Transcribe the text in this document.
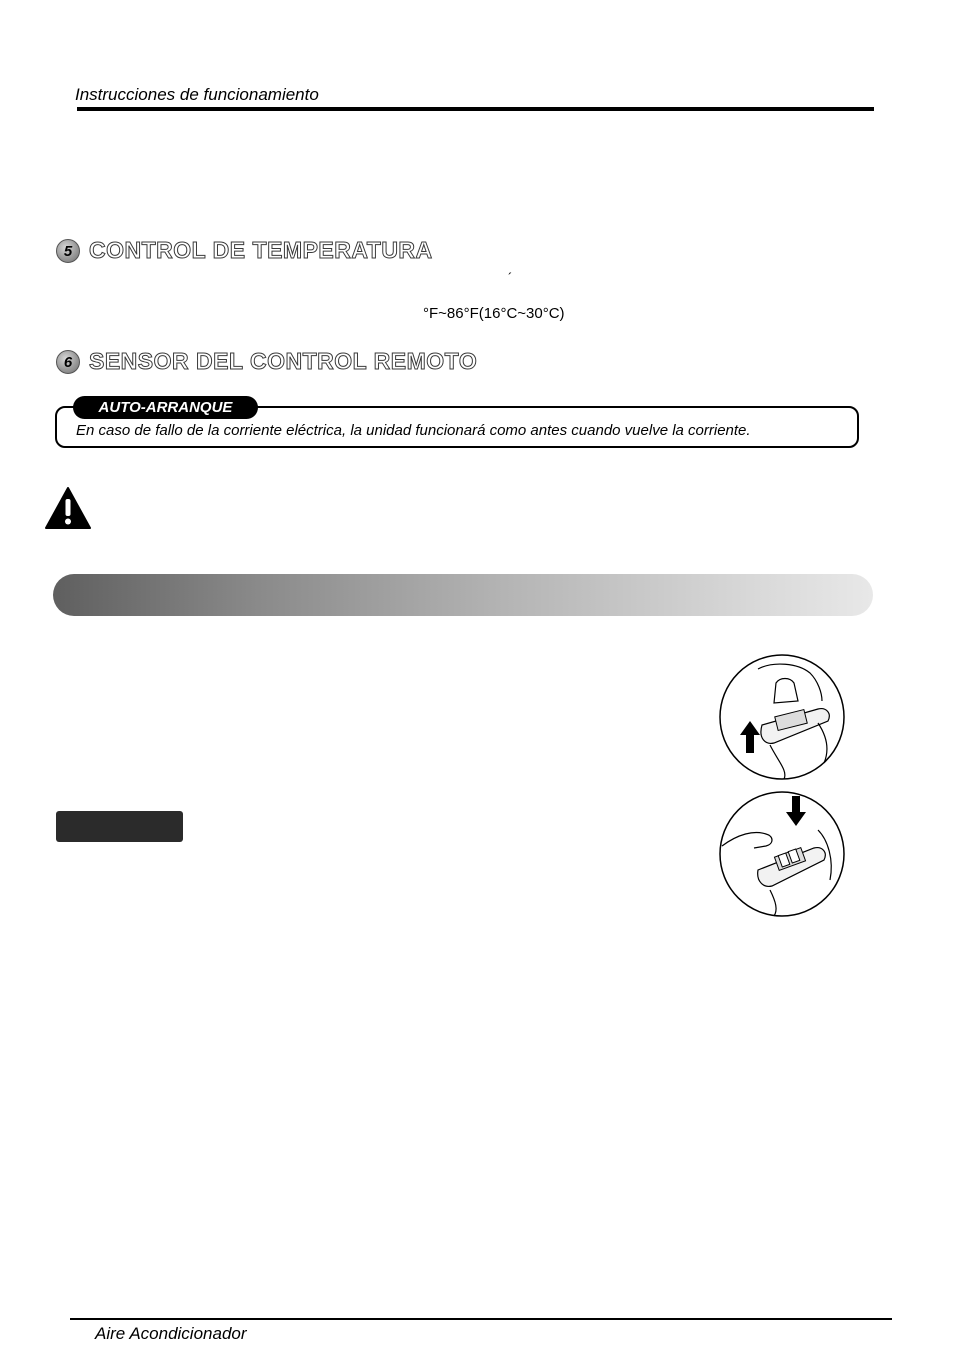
Instrucciones de funcionamiento
5 CONTROL DE TEMPERATURA
´
°F~86°F(16°C~30°C)
6 SENSOR DEL CONTROL REMOTO
AUTO-ARRANQUE
En caso de fallo de la corriente eléctrica, la unidad funcionará como antes cuando vuelve la corriente.
Aire Acondicionador
